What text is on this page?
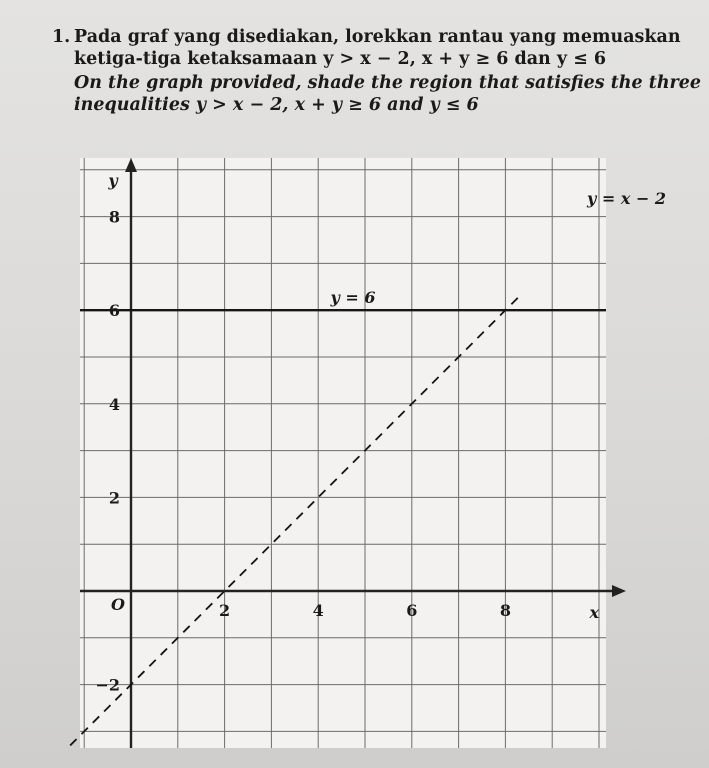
1. Pada graf yang disediakan, lorekkan rantau yang memuaskan
ketiga-tiga ketaksamaan y > x − 2, x + y ≥ 6 dan y ≤ 6
On the graph provided, shade the region that satisfies the three
inequalities y > x − 2, x + y ≥ 6 and y ≤ 6
2	4	6	8
8
6
4
2
−2
y
x
O
y = 6
y = x − 2
